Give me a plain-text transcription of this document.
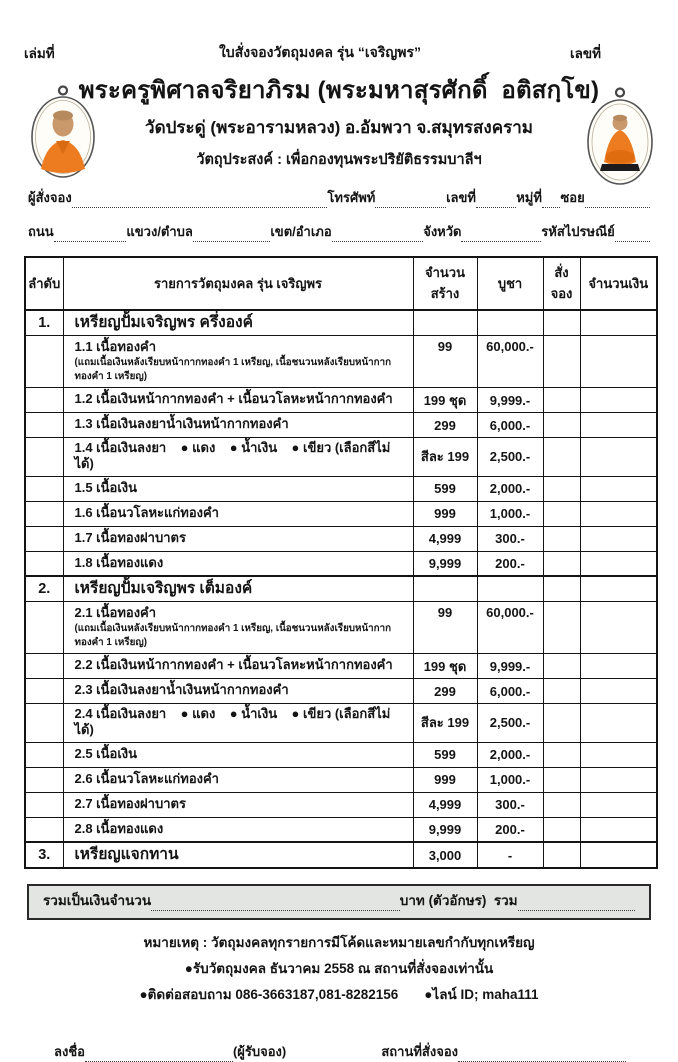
เล่มที่	ใบสั่งจองวัตถุมงคล รุ่น “เจริญพร”	เลขที่
พระครูพิศาลจริยาภิรม (พระมหาสุรศักดิ์  อติสกฺโข)
วัดประดู่ (พระอารามหลวง) อ.อัมพวา จ.สมุทรสงคราม
วัตถุประสงค์ : เพื่อกองทุนพระปริยัติธรรมบาลีฯ
ผู้สั่งจอง	โทรศัพท์	เลขที่	หมู่ที่ ซอย
ถนน	แขวง/ตำบล	เขต/อำเภอ	จังหวัด	รหัสไปรษณีย์
ลำดับ	รายการวัตถุมงคล รุ่น เจริญพร	จำนวนสร้าง	บูชา	สั่งจอง	จำนวนเงิน
1.	เหรียญปั้มเจริญพร ครึ่งองค์				

	1.1 เนื้อทองคำ
(แถมเนื้อเงินหลังเรียบหน้ากากทองคำ 1 เหรียญ, เนื้อชนวนหลังเรียบหน้ากากทองคำ 1 เหรียญ)	99	60,000.-		

	1.2 เนื้อเงินหน้ากากทองคำ + เนื้อนวโลหะหน้ากากทองคำ	199 ชุด	9,999.-		

	1.3 เนื้อเงินลงยาน้ำเงินหน้ากากทองคำ	299	6,000.-		

	1.4 เนื้อเงินลงยา    ● แดง    ● น้ำเงิน    ● เขียว (เลือกสีไม่ได้)	สีละ 199	2,500.-		

	1.5 เนื้อเงิน	599	2,000.-		

	1.6 เนื้อนวโลหะแก่ทองคำ	999	1,000.-		

	1.7 เนื้อทองฝาบาตร	4,999	300.-		

	1.8 เนื้อทองแดง	9,999	200.-		
2.	เหรียญปั้มเจริญพร เต็มองค์				

	2.1 เนื้อทองคำ
(แถมเนื้อเงินหลังเรียบหน้ากากทองคำ 1 เหรียญ, เนื้อชนวนหลังเรียบหน้ากากทองคำ 1 เหรียญ)	99	60,000.-		

	2.2 เนื้อเงินหน้ากากทองคำ + เนื้อนวโลหะหน้ากากทองคำ	199 ชุด	9,999.-		

	2.3 เนื้อเงินลงยาน้ำเงินหน้ากากทองคำ	299	6,000.-		

	2.4 เนื้อเงินลงยา    ● แดง    ● น้ำเงิน    ● เขียว (เลือกสีไม่ได้)	สีละ 199	2,500.-		

	2.5 เนื้อเงิน	599	2,000.-		

	2.6 เนื้อนวโลหะแก่ทองคำ	999	1,000.-		

	2.7 เนื้อทองฝาบาตร	4,999	300.-		

	2.8 เนื้อทองแดง	9,999	200.-		
3.	เหรียญแจกทาน	3,000	-		
รวมเป็นเงินจำนวน	บาท (ตัวอักษร)  รวม
หมายเหตุ : วัตถุมงคลทุกรายการมีโค้ดและหมายเลขกำกับทุกเหรียญ
●รับวัตถุมงคล ธันวาคม 2558 ณ สถานที่สั่งจองเท่านั้น
●ติดต่อสอบถาม 086-3663187,081-8282156 ●ไลน์ ID; maha111
ลงชื่อ	(ผู้รับจอง)	สถานที่สั่งจอง
